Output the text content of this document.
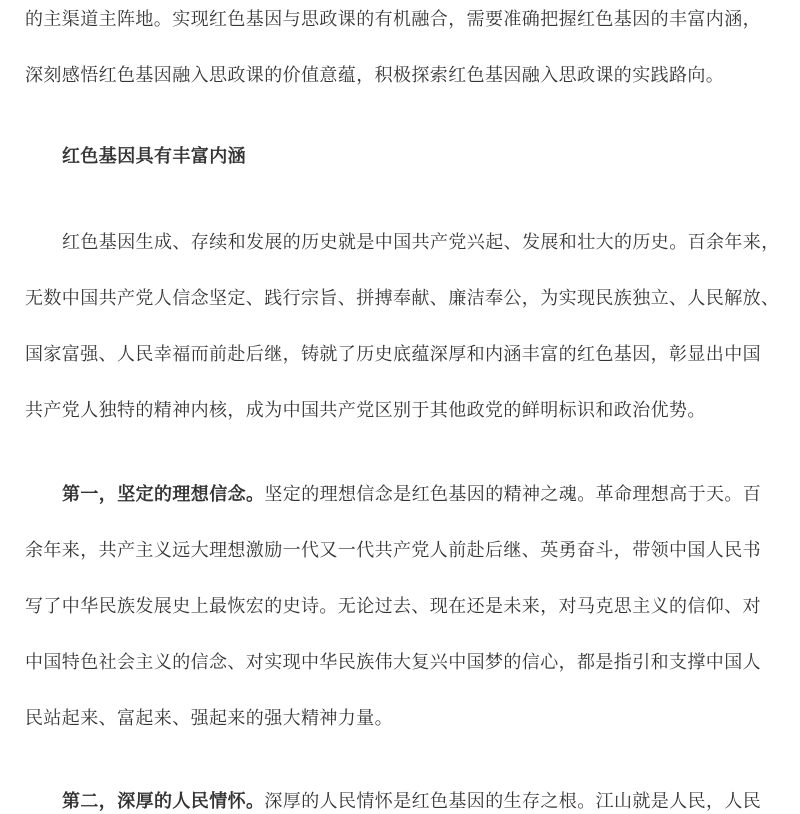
的主渠道主阵地。实现红色基因与思政课的有机融合，需要准确把握红色基因的丰富内涵，
深刻感悟红色基因融入思政课的价值意蕴，积极探索红色基因融入思政课的实践路向。
红色基因具有丰富内涵
红色基因生成、存续和发展的历史就是中国共产党兴起、发展和壮大的历史。百余年来，
无数中国共产党人信念坚定、践行宗旨、拼搏奉献、廉洁奉公，为实现民族独立、人民解放、
国家富强、人民幸福而前赴后继，铸就了历史底蕴深厚和内涵丰富的红色基因，彰显出中国
共产党人独特的精神内核，成为中国共产党区别于其他政党的鲜明标识和政治优势。
第一，坚定的理想信念。坚定的理想信念是红色基因的精神之魂。革命理想高于天。百
余年来，共产主义远大理想激励一代又一代共产党人前赴后继、英勇奋斗，带领中国人民书
写了中华民族发展史上最恢宏的史诗。无论过去、现在还是未来，对马克思主义的信仰、对
中国特色社会主义的信念、对实现中华民族伟大复兴中国梦的信心，都是指引和支撑中国人
民站起来、富起来、强起来的强大精神力量。
第二，深厚的人民情怀。深厚的人民情怀是红色基因的生存之根。江山就是人民，人民
